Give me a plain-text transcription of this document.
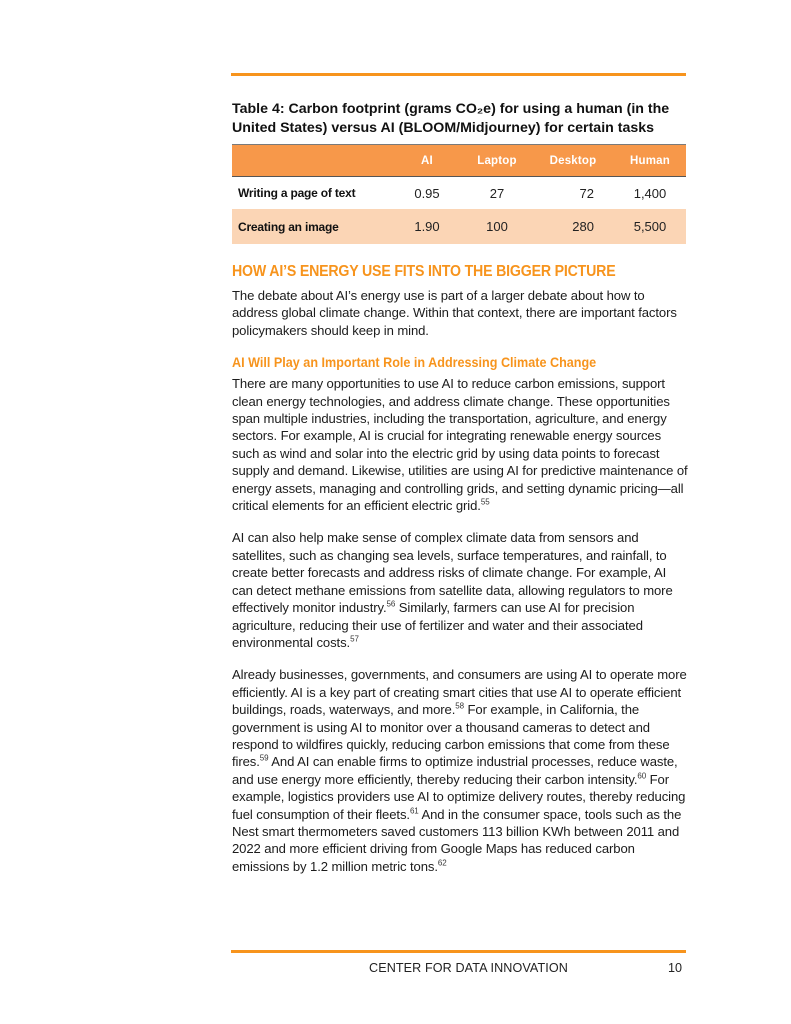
Table 4: Carbon footprint (grams CO₂e) for using a human (in the United States) versus AI (BLOOM/Midjourney) for certain tasks
	AI	Laptop	Desktop	Human
Writing a page of text	0.95	27	72	1,400
Creating an image	1.90	100	280	5,500
HOW AI’S ENERGY USE FITS INTO THE BIGGER PICTURE

The debate about AI’s energy use is part of a larger debate about how to address global climate change. Within that context, there are important factors policymakers should keep in mind.

AI Will Play an Important Role in Addressing Climate Change

There are many opportunities to use AI to reduce carbon emissions, support clean energy technologies, and address climate change. These opportunities span multiple industries, including the transportation, agriculture, and energy sectors. For example, AI is crucial for integrating renewable energy sources such as wind and solar into the electric grid by using data points to forecast supply and demand. Likewise, utilities are using AI for predictive maintenance of energy assets, managing and controlling grids, and setting dynamic pricing—all critical elements for an efficient electric grid.$^{55}$

AI can also help make sense of complex climate data from sensors and satellites, such as changing sea levels, surface temperatures, and rainfall, to create better forecasts and address risks of climate change. For example, AI can detect methane emissions from satellite data, allowing regulators to more effectively monitor industry.$^{56}$ Similarly, farmers can use AI for precision agriculture, reducing their use of fertilizer and water and their associated environmental costs.$^{57}$

Already businesses, governments, and consumers are using AI to operate more efficiently. AI is a key part of creating smart cities that use AI to operate efficient buildings, roads, waterways, and more.$^{58}$ For example, in California, the government is using AI to monitor over a thousand cameras to detect and respond to wildfires quickly, reducing carbon emissions that come from these fires.$^{59}$ And AI can enable firms to optimize industrial processes, reduce waste, and use energy more efficiently, thereby reducing their carbon intensity.$^{60}$ For example, logistics providers use AI to optimize delivery routes, thereby reducing fuel consumption of their fleets.$^{61}$ And in the consumer space, tools such as the Nest smart thermometers saved customers 113 billion KWh between 2011 and 2022 and more efficient driving from Google Maps has reduced carbon emissions by 1.2 million metric tons.$^{62}$

CENTER FOR DATA INNOVATION	10
